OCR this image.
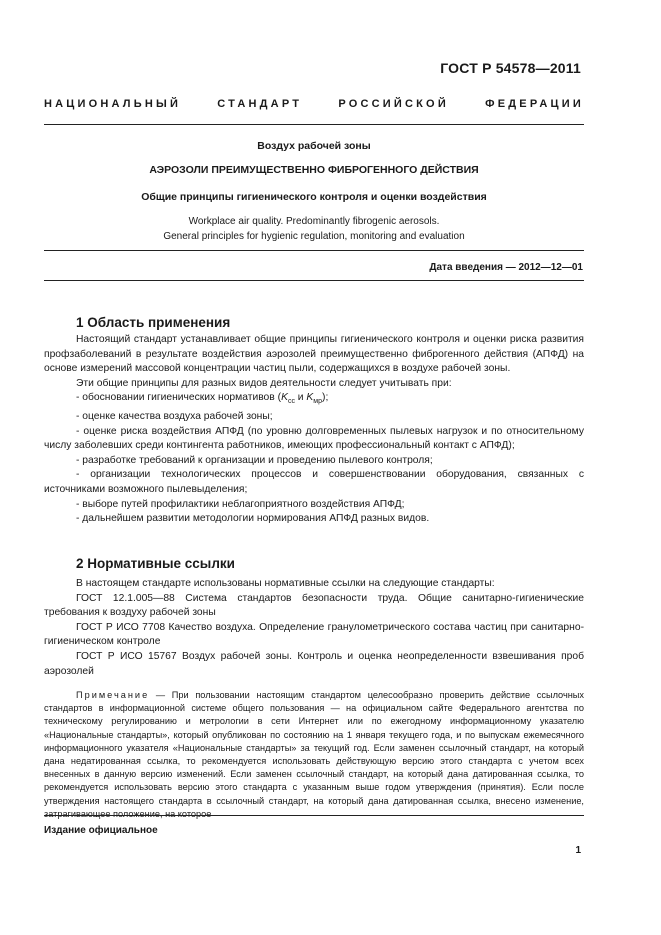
ГОСТ Р 54578—2011
НАЦИОНАЛЬНЫЙ СТАНДАРТ РОССИЙСКОЙ ФЕДЕРАЦИИ
Воздух рабочей зоны
АЭРОЗОЛИ ПРЕИМУЩЕСТВЕННО ФИБРОГЕННОГО ДЕЙСТВИЯ
Общие принципы гигиенического контроля и оценки воздействия
Workplace air quality. Predominantly fibrogenic aerosols.
General principles for hygienic regulation, monitoring and evaluation
Дата введения — 2012—12—01
1 Область применения

Настоящий стандарт устанавливает общие принципы гигиенического контроля и оценки риска развития профзаболеваний в результате воздействия аэрозолей преимущественно фиброгенного действия (АПФД) на основе измерений массовой концентрации частиц пыли, содержащихся в воздухе рабочей зоны.

Эти общие принципы для разных видов деятельности следует учитывать при:

- обосновании гигиенических нормативов ($K_{сс}$ и $K_{мр}$);

- оценке качества воздуха рабочей зоны;

- оценке риска воздействия АПФД (по уровню долговременных пылевых нагрузок и по относительному числу заболевших среди контингента работников, имеющих профессиональный контакт с АПФД);

- разработке требований к организации и проведению пылевого контроля;

- организации технологических процессов и совершенствовании оборудования, связанных с источниками возможного пылевыделения;

- выборе путей профилактики неблагоприятного воздействия АПФД;

- дальнейшем развитии методологии нормирования АПФД разных видов.

2 Нормативные ссылки

В настоящем стандарте использованы нормативные ссылки на следующие стандарты:

ГОСТ 12.1.005—88 Система стандартов безопасности труда. Общие санитарно-гигиенические требования к воздуху рабочей зоны

ГОСТ Р ИСО 7708 Качество воздуха. Определение гранулометрического состава частиц при санитарно-гигиеническом контроле

ГОСТ Р ИСО 15767 Воздух рабочей зоны. Контроль и оценка неопределенности взвешивания проб аэрозолей

Примечание — При пользовании настоящим стандартом целесообразно проверить действие ссылочных стандартов в информационной системе общего пользования — на официальном сайте Федерального агентства по техническому регулированию и метрологии в сети Интернет или по ежегодному информационному указателю «Национальные стандарты», который опубликован по состоянию на 1 января текущего года, и по выпускам ежемесячного информационного указателя «Национальные стандарты» за текущий год. Если заменен ссылочный стандарт, на который дана недатированная ссылка, то рекомендуется использовать действующую версию этого стандарта с учетом всех внесенных в данную версию изменений. Если заменен ссылочный стандарт, на который дана датированная ссылка, то рекомендуется использовать версию этого стандарта с указанным выше годом утверждения (принятия). Если после утверждения настоящего стандарта в ссылочный стандарт, на который дана датированная ссылка, внесено изменение, затрагивающее положение, на которое

Издание официальное
1
